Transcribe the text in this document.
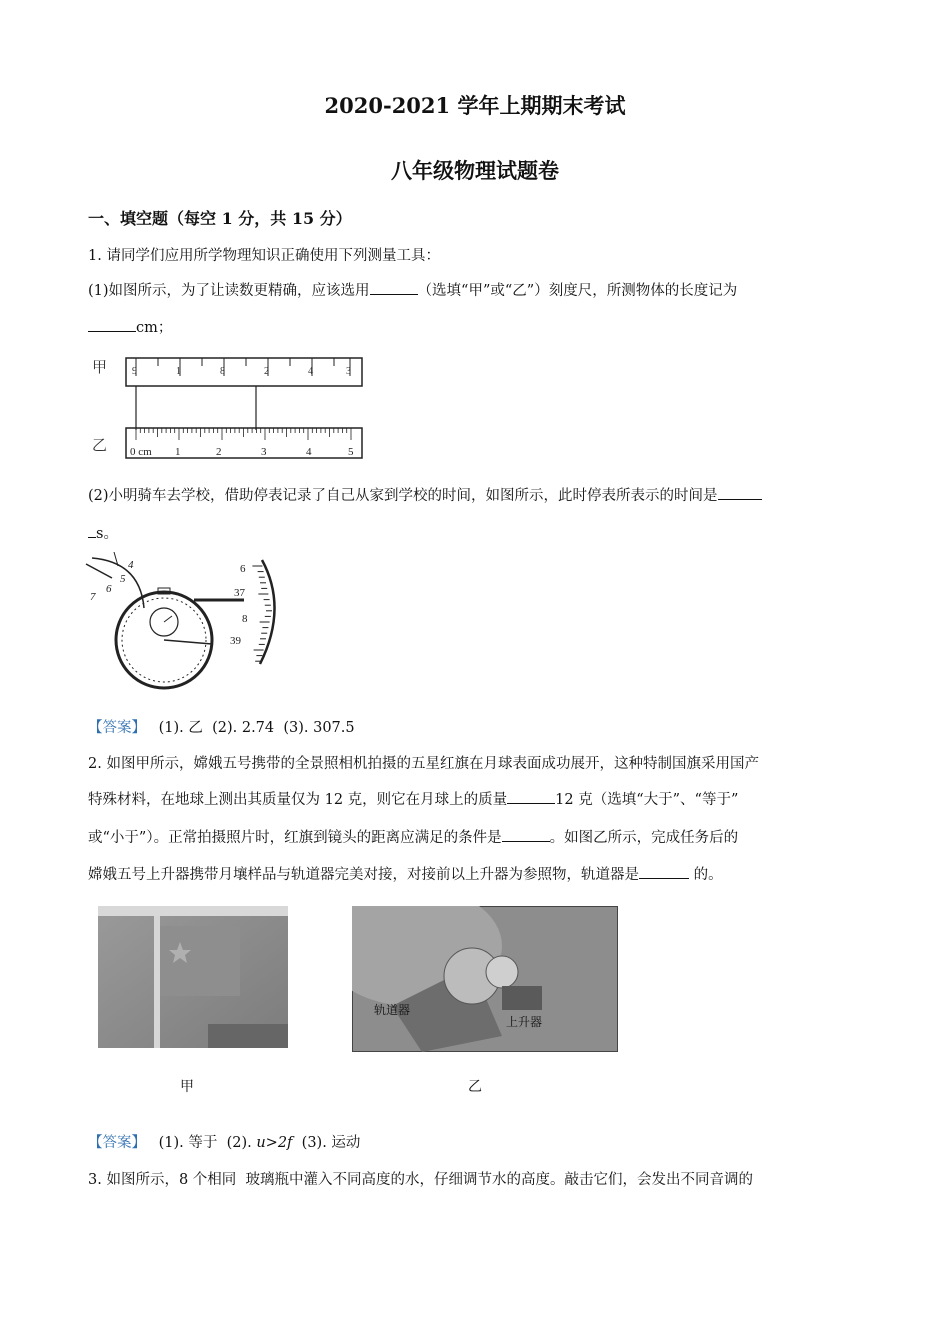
2020-2021 学年上期期末考试
八年级物理试题卷
一、填空题（每空 1 分，共 15 分）
1. 请同学们应用所学物理知识正确使用下列测量工具：
(1)如图所示，为了让读数更精确，应该选用	（选填“甲”或“乙”）刻度尺，所测物体的长度记为
cm；
甲
乙
9	1	8	2	4	3
0 cm 1	2	3	4	5
(2)小明骑车去学校，借助停表记录了自己从家到学校的时间，如图所示，此时停表所表示的时间是
s。
4
5
6
7
6
37
8
39
【答案】 (1). 乙  (2). 2.74  (3). 307.5
2. 如图甲所示，嫦娥五号携带的全景照相机拍摄的五星红旗在月球表面成功展开，这种特制国旗采用国产
特殊材料，在地球上测出其质量仅为 12 克，则它在月球上的质量	12 克（选填“大于”、“等于”
或“小于”）。正常拍摄照片时，红旗到镜头的距离应满足的条件是	。如图乙所示，完成任务后的
嫦娥五号上升器携带月壤样品与轨道器完美对接，对接前以上升器为参照物，轨道器是	的。
轨道器
上升器
甲	乙
【答案】 (1). 等于  (2). u>2f  (3). 运动
3. 如图所示，8 个相同  玻璃瓶中灌入不同高度的水，仔细调节水的高度。敲击它们，会发出不同音调的
